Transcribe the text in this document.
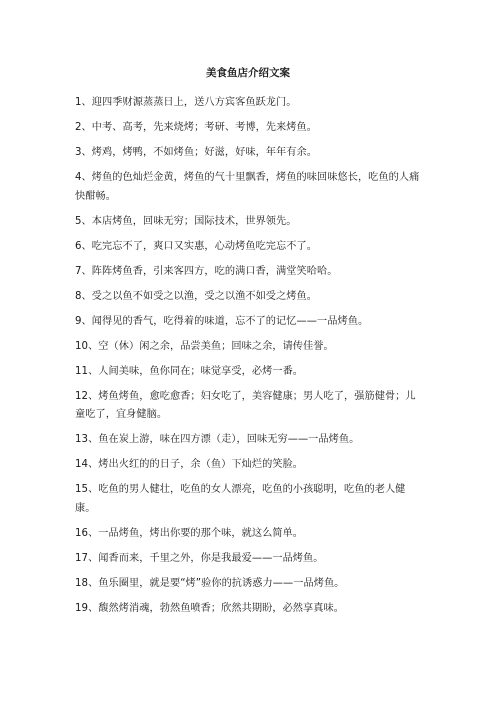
美食鱼店介绍文案
1、迎四季财源蒸蒸日上，送八方宾客鱼跃龙门。
2、中考、高考，先来烧烤；考研、考博，先来烤鱼。
3、烤鸡，烤鸭，不如烤鱼；好滋，好味，年年有余。
4、烤鱼的色灿烂金黄，烤鱼的气十里飘香，烤鱼的味回味悠长，吃鱼的人痛快酣畅。
5、本店烤鱼，回味无穷；国际技术，世界领先。
6、吃完忘不了，爽口又实惠，心动烤鱼吃完忘不了。
7、阵阵烤鱼香，引来客四方，吃的满口香，满堂笑哈哈。
8、受之以鱼不如受之以渔，受之以渔不如受之烤鱼。
9、闻得见的香气，吃得着的味道，忘不了的记忆——一品烤鱼。
10、空（休）闲之余，品尝美鱼；回味之余，请传佳誉。
11、人间美味，鱼你同在；味觉享受，必烤一番。
12、烤鱼烤鱼，愈吃愈香；妇女吃了，美容健康；男人吃了，强筋健骨；儿童吃了，宜身健脑。
13、鱼在炭上游，味在四方漂（走），回味无穷——一品烤鱼。
14、烤出火红的的日子，余（鱼）下灿烂的笑脸。
15、吃鱼的男人健壮，吃鱼的女人漂亮，吃鱼的小孩聪明，吃鱼的老人健康。
16、一品烤鱼，烤出你要的那个味，就这么简单。
17、闻香而来，千里之外，你是我最爱——一品烤鱼。
18、鱼乐圈里，就是要“烤”验你的抗诱惑力——一品烤鱼。
19、馥然烤消魂，勃然鱼喷香；欣然共期盼，必然享真味。
